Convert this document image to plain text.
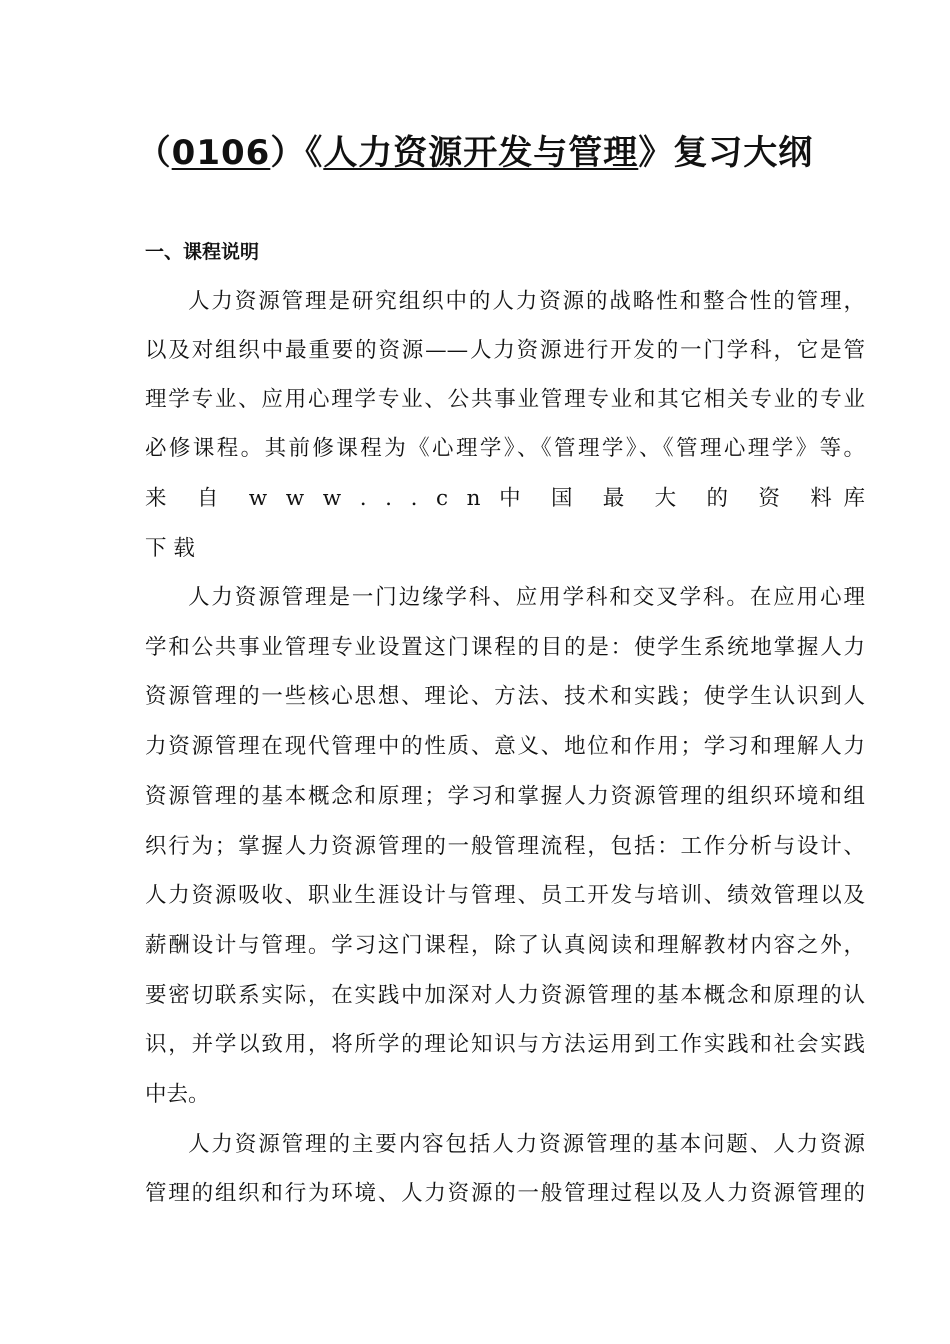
（0106）《人力资源开发与管理》复习大纲
一、课程说明
人力资源管理是研究组织中的人力资源的战略性和整合性的管理，
以及对组织中最重要的资源——人力资源进行开发的一门学科，它是管
理学专业、应用心理学专业、公共事业管理专业和其它相关专业的专业
必修课程。其前修课程为《心理学》、《管理学》、《管理心理学》等。
来 自 w w w . . . c n 中 国 最 大 的 资 料库
下 载
人力资源管理是一门边缘学科、应用学科和交叉学科。在应用心理
学和公共事业管理专业设置这门课程的目的是：使学生系统地掌握人力
资源管理的一些核心思想、理论、方法、技术和实践；使学生认识到人
力资源管理在现代管理中的性质、意义、地位和作用；学习和理解人力
资源管理的基本概念和原理；学习和掌握人力资源管理的组织环境和组
织行为；掌握人力资源管理的一般管理流程，包括：工作分析与设计、
人力资源吸收、职业生涯设计与管理、员工开发与培训、绩效管理以及
薪酬设计与管理。学习这门课程，除了认真阅读和理解教材内容之外，
要密切联系实际，在实践中加深对人力资源管理的基本概念和原理的认
识，并学以致用，将所学的理论知识与方法运用到工作实践和社会实践
中去。
人力资源管理的主要内容包括人力资源管理的基本问题、人力资源
管理的组织和行为环境、人力资源的一般管理过程以及人力资源管理的
